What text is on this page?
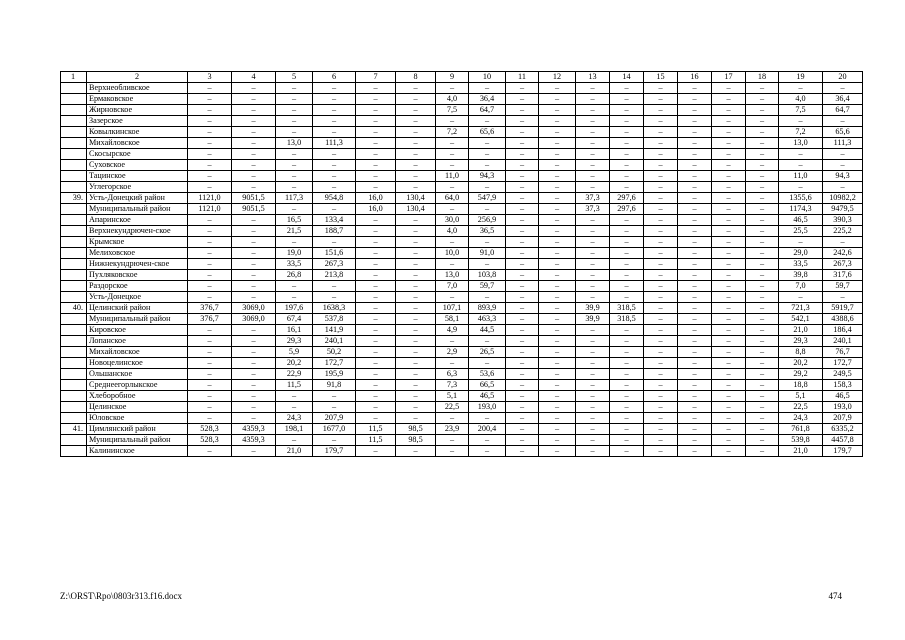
1	2	3	4	5	6	7	8	9	10	11	12	13	14	15	16	17	18	19	20
	Верхнеобливское	–	–	–	–	–	–	–	–	–	–	–	–	–	–	–	–	–	–
	Ермаковское	–	–	–	–	–	–	4,0	36,4	–	–	–	–	–	–	–	–	4,0	36,4
	Жирновское	–	–	–	–	–	–	7,5	64,7	–	–	–	–	–	–	–	–	7,5	64,7
	Зазерское	–	–	–	–	–	–	–	–	–	–	–	–	–	–	–	–	–	–
	Ковылкинское	–	–	–	–	–	–	7,2	65,6	–	–	–	–	–	–	–	–	7,2	65,6
	Михайловское	–	–	13,0	111,3	–	–	–	–	–	–	–	–	–	–	–	–	13,0	111,3
	Скосырское	–	–	–	–	–	–	–	–	–	–	–	–	–	–	–	–	–	–
	Суховское	–	–	–	–	–	–	–	–	–	–	–	–	–	–	–	–	–	–
	Тацинское	–	–	–	–	–	–	11,0	94,3	–	–	–	–	–	–	–	–	11,0	94,3
	Углегорское	–	–	–	–	–	–	–	–	–	–	–	–	–	–	–	–	–	–
39.	Усть-Донецкий район	1121,0	9051,5	117,3	954,8	16,0	130,4	64,0	547,9	–	–	37,3	297,6	–	–	–	–	1355,6	10982,2
	Муниципальный район	1121,0	9051,5	–	–	16,0	130,4	–	–	–	–	37,3	297,6	–	–	–	–	1174,3	9479,5
	Апаринское	–	–	16,5	133,4	–	–	30,0	256,9	–	–	–	–	–	–	–	–	46,5	390,3
	Верхнекундрючен-ское	–	–	21,5	188,7	–	–	4,0	36,5	–	–	–	–	–	–	–	–	25,5	225,2
	Крымское	–	–	–	–	–	–	–	–	–	–	–	–	–	–	–	–	–	–
	Мелиховское	–	–	19,0	151,6	–	–	10,0	91,0	–	–	–	–	–	–	–	–	29,0	242,6
	Нижнекундрючен-ское	–	–	33,5	267,3	–	–	–	–	–	–	–	–	–	–	–	–	33,5	267,3
	Пухляковское	–	–	26,8	213,8	–	–	13,0	103,8	–	–	–	–	–	–	–	–	39,8	317,6
	Раздорское	–	–	–	–	–	–	7,0	59,7	–	–	–	–	–	–	–	–	7,0	59,7
	Усть-Донецкое	–	–	–	–	–	–	–	–	–	–	–	–	–	–	–	–	–	–
40.	Целинский район	376,7	3069,0	197,6	1638,3	–	–	107,1	893,9	–	–	39,9	318,5	–	–	–	–	721,3	5919,7
	Муниципальный район	376,7	3069,0	67,4	537,8	–	–	58,1	463,3	–	–	39,9	318,5	–	–	–	–	542,1	4388,6
	Кировское	–	–	16,1	141,9	–	–	4,9	44,5	–	–	–	–	–	–	–	–	21,0	186,4
	Лопанское	–	–	29,3	240,1	–	–	–	–	–	–	–	–	–	–	–	–	29,3	240,1
	Михайловское	–	–	5,9	50,2	–	–	2,9	26,5	–	–	–	–	–	–	–	–	8,8	76,7
	Новоцелинское	–	–	20,2	172,7	–	–	–	–	–	–	–	–	–	–	–	–	20,2	172,7
	Ольшанское	–	–	22,9	195,9	–	–	6,3	53,6	–	–	–	–	–	–	–	–	29,2	249,5
	Среднеегорлыкское	–	–	11,5	91,8	–	–	7,3	66,5	–	–	–	–	–	–	–	–	18,8	158,3
	Хлеборобное	–	–	–	–	–	–	5,1	46,5	–	–	–	–	–	–	–	–	5,1	46,5
	Целинское	–	–	–	–	–	–	22,5	193,0	–	–	–	–	–	–	–	–	22,5	193,0
	Юловское	–	–	24,3	207,9	–	–	–	–	–	–	–	–	–	–	–	–	24,3	207,9
41.	Цимлянский район	528,3	4359,3	198,1	1677,0	11,5	98,5	23,9	200,4	–	–	–	–	–	–	–	–	761,8	6335,2
	Муниципальный район	528,3	4359,3	–	–	11,5	98,5	–	–	–	–	–	–	–	–	–	–	539,8	4457,8
	Калининское	–	–	21,0	179,7	–	–	–	–	–	–	–	–	–	–	–	–	21,0	179,7
Z:\ORST\Rpo\0803r313.f16.docx	474
